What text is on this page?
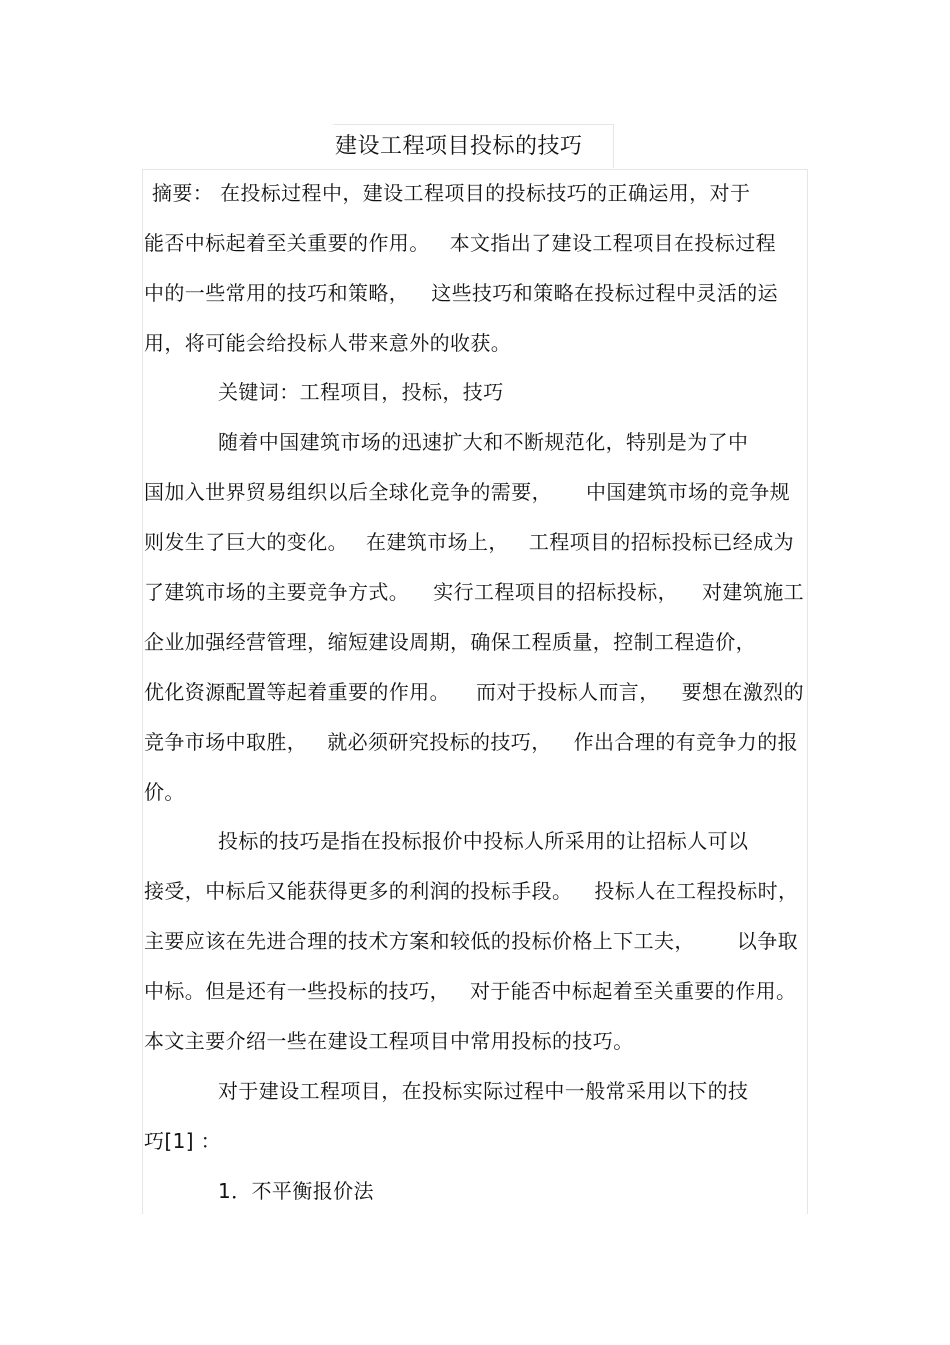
建设工程项目投标的技巧
摘要： 在投标过程中，建设工程项目的投标技巧的正确运用，对于
能否中标起着至关重要的作用。 本文指出了建设工程项目在投标过程
中的一些常用的技巧和策略， 这些技巧和策略在投标过程中灵活的运
用，将可能会给投标人带来意外的收获。
关键词：工程项目，投标，技巧
随着中国建筑市场的迅速扩大和不断规范化，特别是为了中
国加入世界贸易组织以后全球化竞争的需要， 中国建筑市场的竞争规
则发生了巨大的变化。 在建筑市场上， 工程项目的招标投标已经成为
了建筑市场的主要竞争方式。 实行工程项目的招标投标， 对建筑施工
企业加强经营管理，缩短建设周期，确保工程质量，控制工程造价，
优化资源配置等起着重要的作用。 而对于投标人而言， 要想在激烈的
竞争市场中取胜， 就必须研究投标的技巧， 作出合理的有竞争力的报
价。
投标的技巧是指在投标报价中投标人所采用的让招标人可以
接受，中标后又能获得更多的利润的投标手段。 投标人在工程投标时，
主要应该在先进合理的技术方案和较低的投标价格上下工夫， 以争取
中标。但是还有一些投标的技巧， 对于能否中标起着至关重要的作用。
本文主要介绍一些在建设工程项目中常用投标的技巧。
对于建设工程项目，在投标实际过程中一般常采用以下的技
巧[1] ：
1．不平衡报价法
